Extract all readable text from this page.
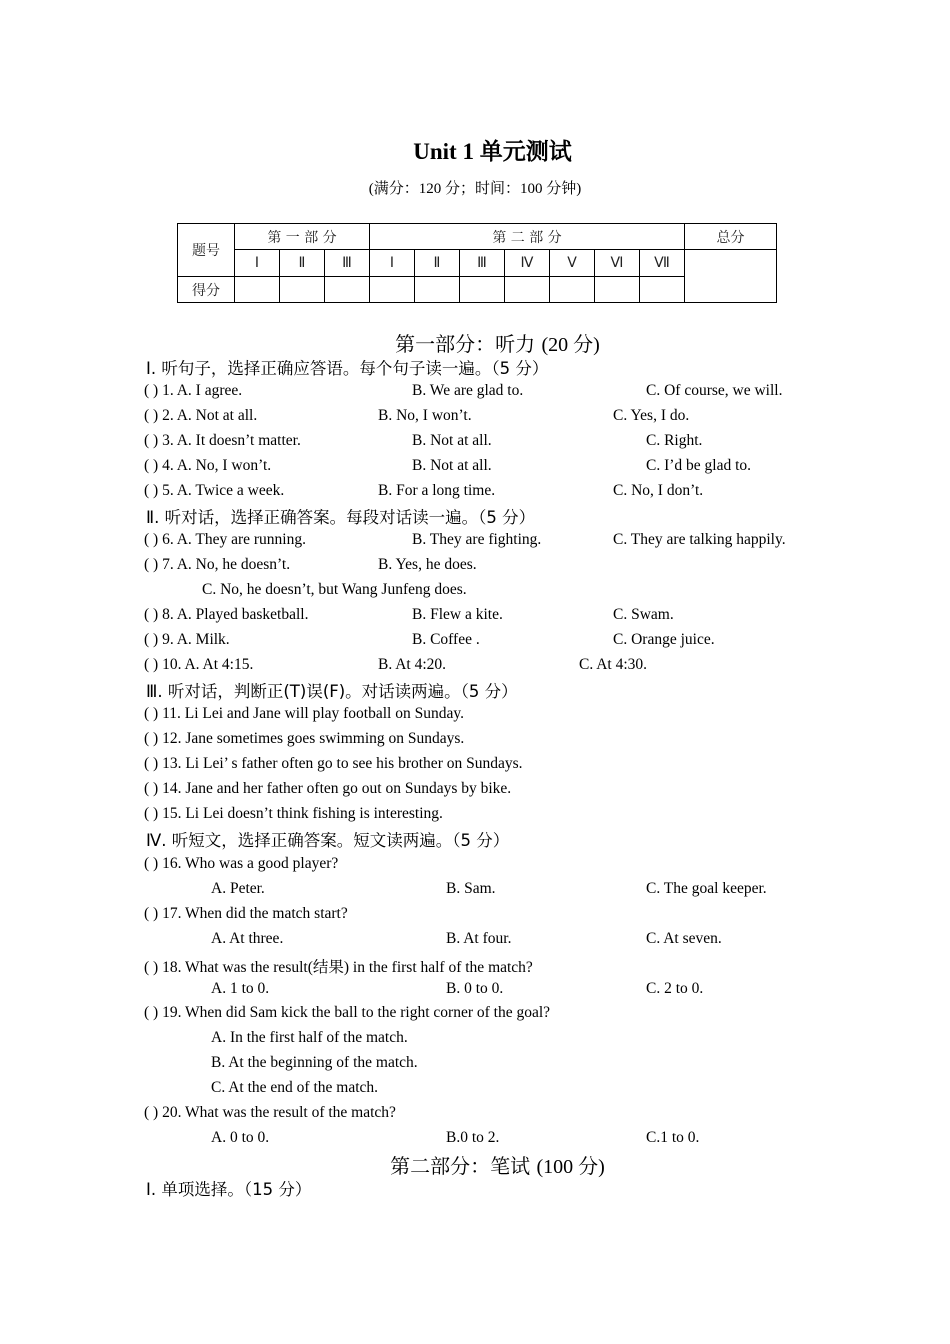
Unit 1 单元测试
(满分：120 分；时间：100 分钟)
题号	第 一 部 分			第 二 部 分							总分
	Ⅰ	Ⅱ	Ⅲ	Ⅰ	Ⅱ	Ⅲ	Ⅳ	Ⅴ	Ⅵ	Ⅶ	
得分											
第一部分：听力 (20 分)
Ⅰ. 听句子，选择正确应答语。每个句子读一遍。（5 分）
( ) 1. A. I agree.	B. We are glad to.	C. Of course, we will.
( ) 2. A. Not at all.	B. No, I won’t.	C. Yes, I do.
( ) 3. A. It doesn’t matter.	B. Not at all.	C. Right.
( ) 4. A. No, I won’t.	B. Not at all.	C. I’d be glad to.
( ) 5. A. Twice a week.	B. For a long time.	C. No, I don’t.
Ⅱ. 听对话，选择正确答案。每段对话读一遍。（5 分）
( ) 6. A. They are running.	B. They are fighting.	C. They are talking happily.
( ) 7. A. No, he doesn’t.	B. Yes, he does.
C. No, he doesn’t, but Wang Junfeng does.
( ) 8. A. Played basketball.	B. Flew a kite.	C. Swam.
( ) 9. A. Milk.	B. Coffee .	C. Orange juice.
( ) 10. A. At 4:15.	B. At 4:20.	C. At 4:30.
Ⅲ. 听对话，判断正(T)误(F)。对话读两遍。（5 分）
( ) 11. Li Lei and Jane will play football on Sunday.
( ) 12. Jane sometimes goes swimming on Sundays.
( ) 13. Li Lei’ s father often go to see his brother on Sundays.
( ) 14. Jane and her father often go out on Sundays by bike.
( ) 15. Li Lei doesn’t think fishing is interesting.
Ⅳ. 听短文，选择正确答案。短文读两遍。（5 分）
( ) 16. Who was a good player?
A. Peter.	B. Sam.	C. The goal keeper.
( ) 17. When did the match start?
A. At three.	B. At four.	C. At seven.
( ) 18. What was the result(结果) in the first half of the match?
A. 1 to 0.	B. 0 to 0.	C. 2 to 0.
( ) 19. When did Sam kick the ball to the right corner of the goal?
A. In the first half of the match.
B. At the beginning of the match.
C. At the end of the match.
( ) 20. What was the result of the match?
A. 0 to 0.	B.0 to 2.	C.1 to 0.
第二部分：笔试 (100 分)
Ⅰ. 单项选择。（15 分）
